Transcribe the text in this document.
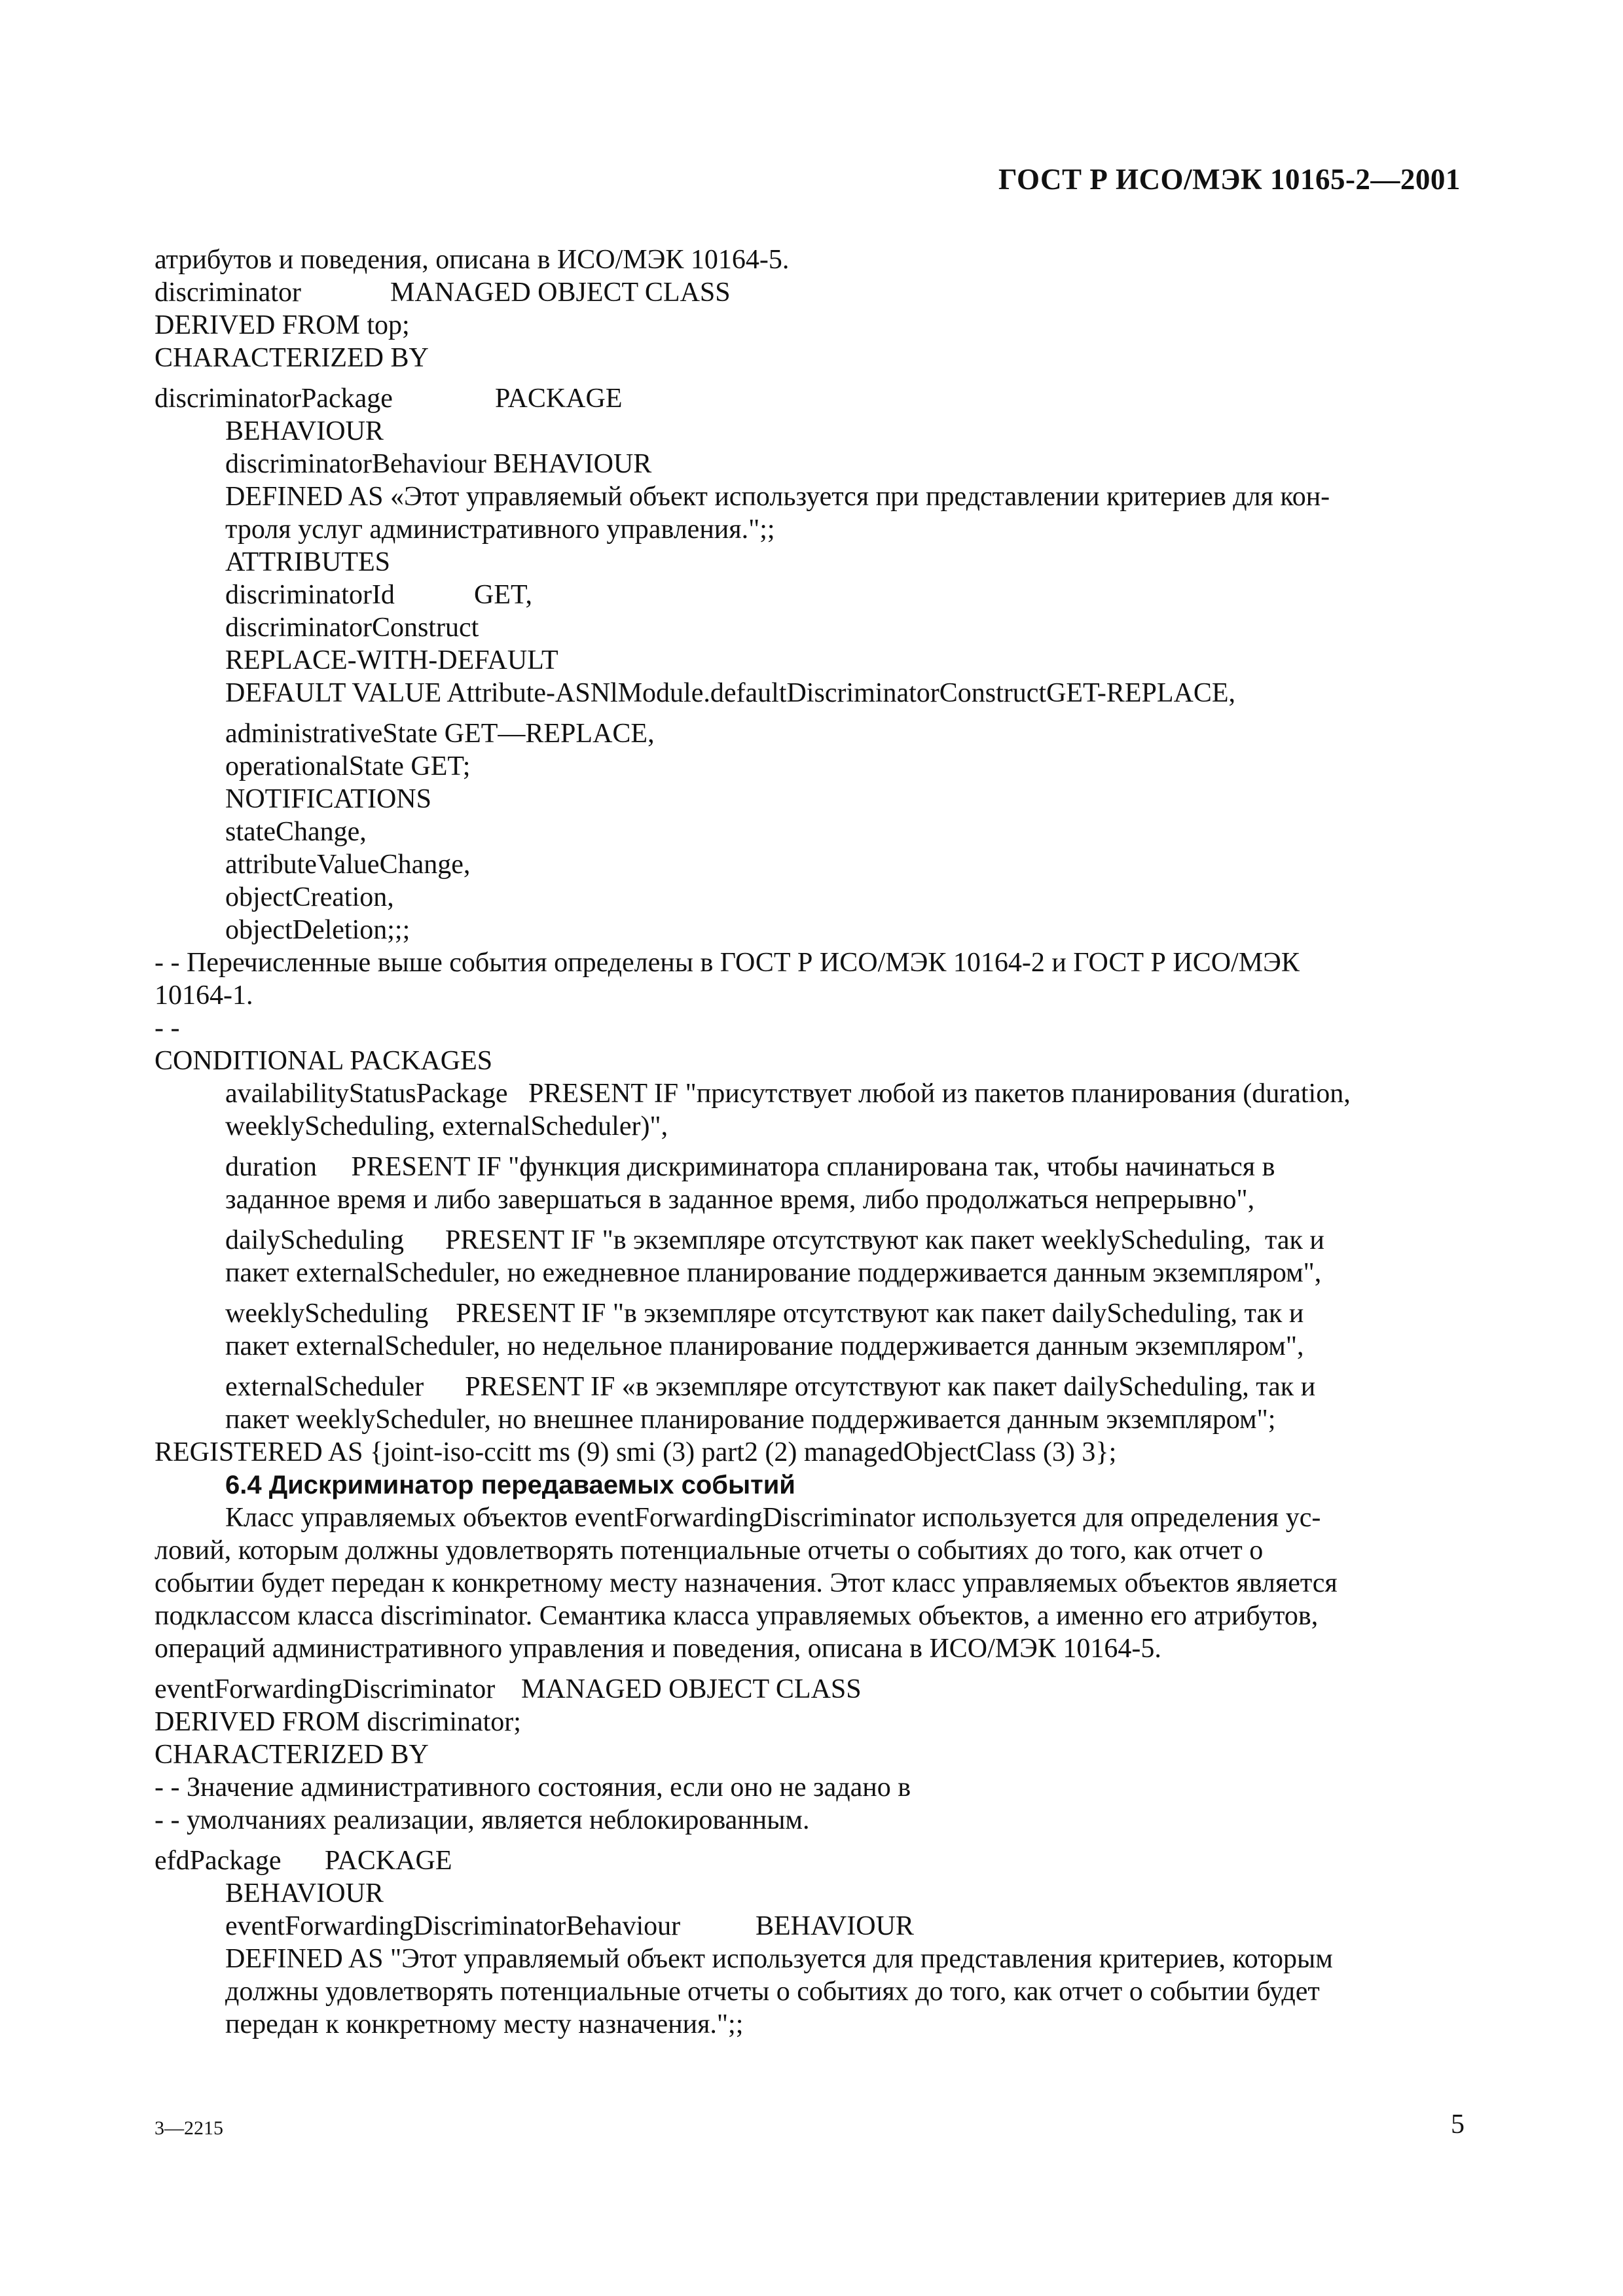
ГОСТ Р ИСО/МЭК 10165-2—2001
атрибутов и поведения, описана в ИСО/МЭК 10164-5.
discriminator	MANAGED OBJECT CLASS
DERIVED FROM top;
CHARACTERIZED BY
discriminatorPackage	PACKAGE
BEHAVIOUR
discriminatorBehaviour BEHAVIOUR
DEFINED AS «Этот управляемый объект используется при представлении критериев для кон-
троля услуг административного управления.";;
ATTRIBUTES
discriminatorId	GET,
discriminatorConstruct
REPLACE-WITH-DEFAULT
DEFAULT VALUE Attribute-ASNlModule.defaultDiscriminatorConstructGET-REPLACE,
administrativeState GET—REPLACE,
operationalState GET;
NOTIFICATIONS
stateChange,
attributeValueChange,
objectCreation,
objectDeletion;;;
- - Перечисленные выше события определены в ГОСТ Р ИСО/МЭК 10164-2 и ГОСТ Р ИСО/МЭК
10164-1.
- -
CONDITIONAL PACKAGES
availabilityStatusPackage   PRESENT IF "присутствует любой из пакетов планирования (duration,
weeklyScheduling, externalScheduler)",
duration     PRESENT IF "функция дискриминатора спланирована так, чтобы начинаться в
заданное время и либо завершаться в заданное время, либо продолжаться непрерывно",
dailyScheduling      PRESENT IF "в экземпляре отсутствуют как пакет weeklyScheduling,  так и
пакет externalScheduler, но ежедневное планирование поддерживается данным экземпляром",
weeklyScheduling    PRESENT IF "в экземпляре отсутствуют как пакет dailyScheduling, так и
пакет externalScheduler, но недельное планирование поддерживается данным экземпляром",
externalScheduler      PRESENT IF «в экземпляре отсутствуют как пакет dailyScheduling, так и
пакет weeklyScheduler, но внешнее планирование поддерживается данным экземпляром";
REGISTERED AS {joint-iso-ccitt ms (9) smi (3) part2 (2) managedObjectClass (3) 3};
6.4 Дискриминатор передаваемых событий
Класс управляемых объектов eventForwardingDiscriminator используется для определения ус-
ловий, которым должны удовлетворять потенциальные отчеты о событиях до того, как отчет о
событии будет передан к конкретному месту назначения. Этот класс управляемых объектов является
подклассом класса discriminator. Семантика класса управляемых объектов, а именно его атрибутов,
операций административного управления и поведения, описана в ИСО/МЭК 10164-5.
eventForwardingDiscriminator MANAGED OBJECT CLASS
DERIVED FROM discriminator;
CHARACTERIZED BY
- - Значение административного состояния, если оно не задано в
- - умолчаниях реализации, является неблокированным.
efdPackage PACKAGE
BEHAVIOUR
eventForwardingDiscriminatorBehaviour	BEHAVIOUR
DEFINED AS "Этот управляемый объект используется для представления критериев, которым
должны удовлетворять потенциальные отчеты о событиях до того, как отчет о событии будет
передан к конкретному месту назначения.";;
3—2215	5
